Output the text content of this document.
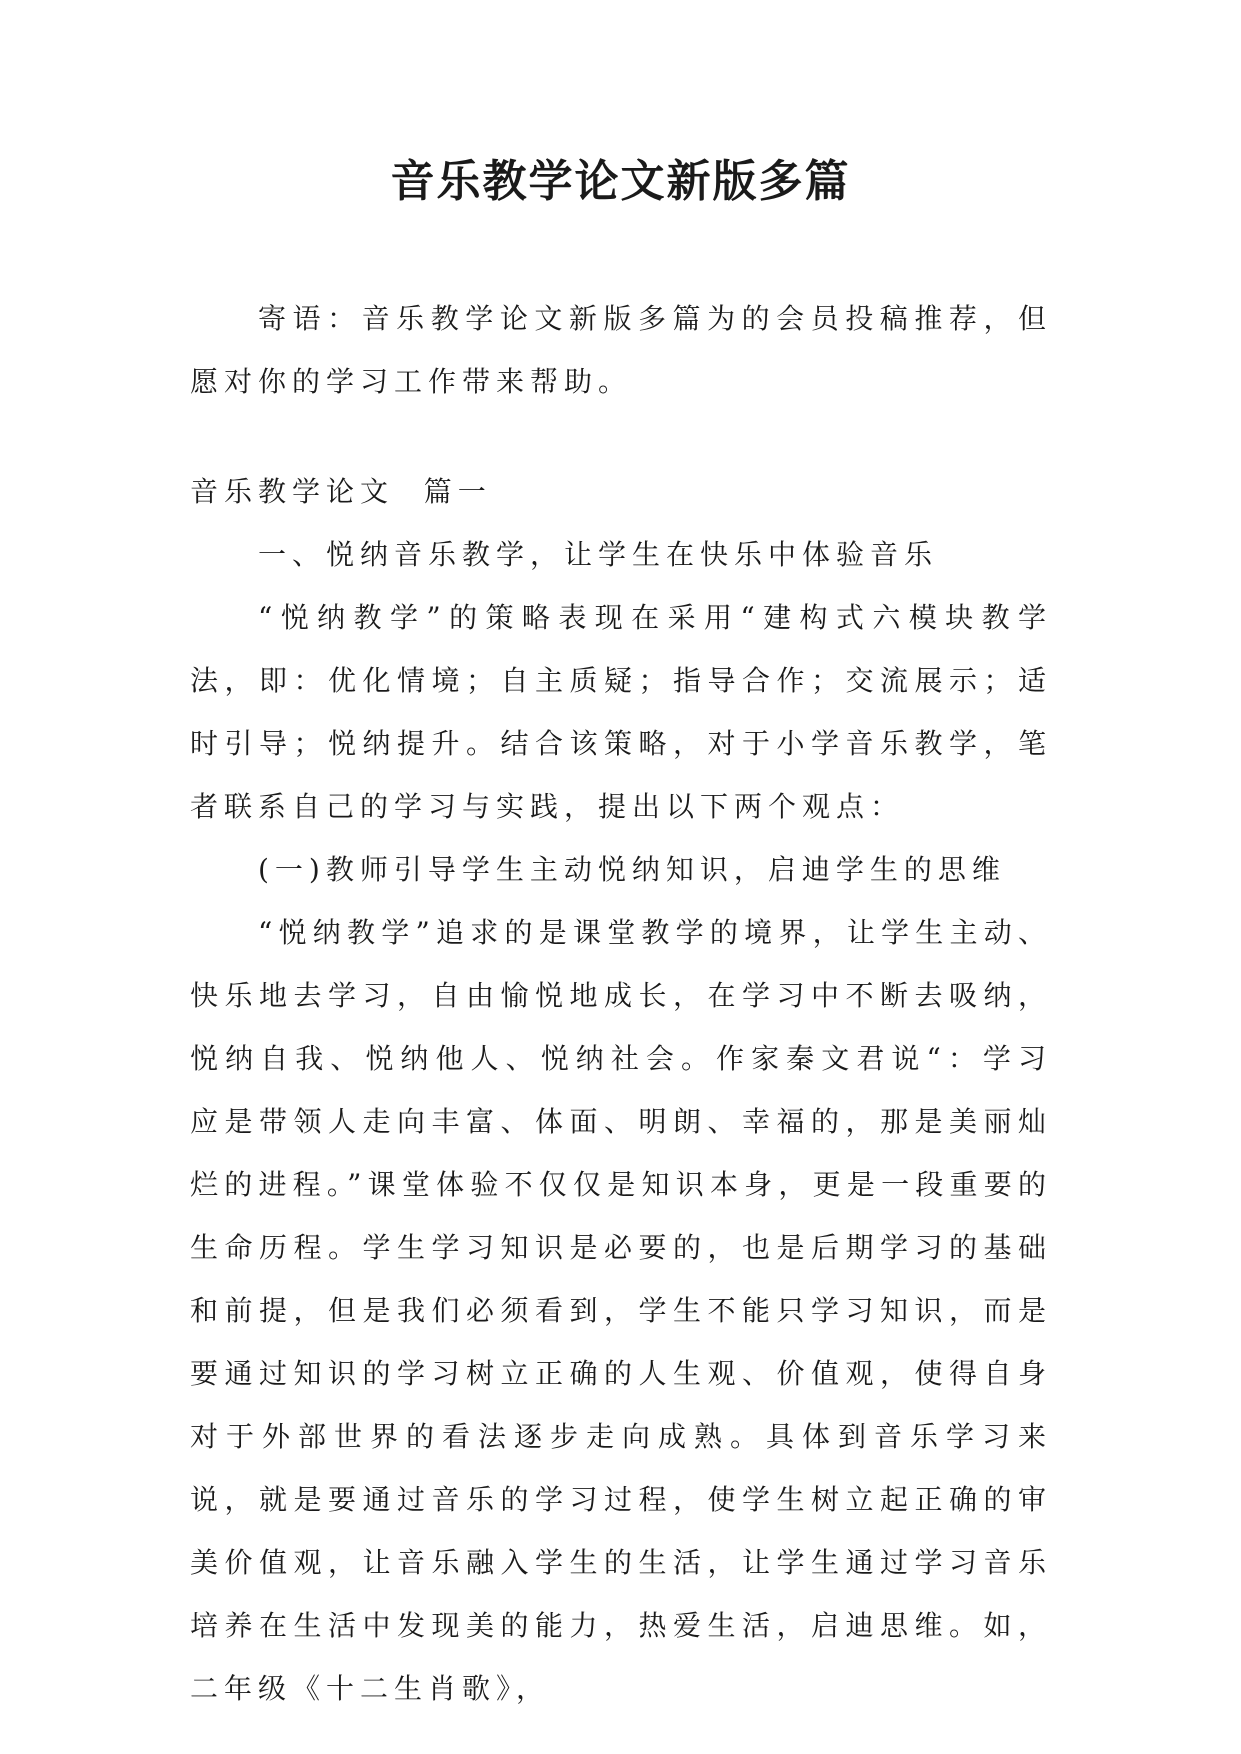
音乐教学论文新版多篇

寄语：音乐教学论文新版多篇为的会员投稿推荐，但愿对你的学习工作带来帮助。

音乐教学论文  篇一

一、悦纳音乐教学，让学生在快乐中体验音乐

“悦纳教学”的策略表现在采用“建构式六模块教学法，即：优化情境；自主质疑；指导合作；交流展示；适时引导；悦纳提升。结合该策略，对于小学音乐教学，笔者联系自己的学习与实践，提出以下两个观点：

(一)教师引导学生主动悦纳知识，启迪学生的思维

“悦纳教学”追求的是课堂教学的境界，让学生主动、快乐地去学习，自由愉悦地成长，在学习中不断去吸纳，悦纳自我、悦纳他人、悦纳社会。作家秦文君说“：学习应是带领人走向丰富、体面、明朗、幸福的，那是美丽灿烂的进程。”课堂体验不仅仅是知识本身，更是一段重要的生命历程。学生学习知识是必要的，也是后期学习的基础和前提，但是我们必须看到，学生不能只学习知识，而是要通过知识的学习树立正确的人生观、价值观，使得自身对于外部世界的看法逐步走向成熟。具体到音乐学习来说，就是要通过音乐的学习过程，使学生树立起正确的审美价值观，让音乐融入学生的生活，让学生通过学习音乐培养在生活中发现美的能力，热爱生活，启迪思维。如，二年级《十二生肖歌》，
